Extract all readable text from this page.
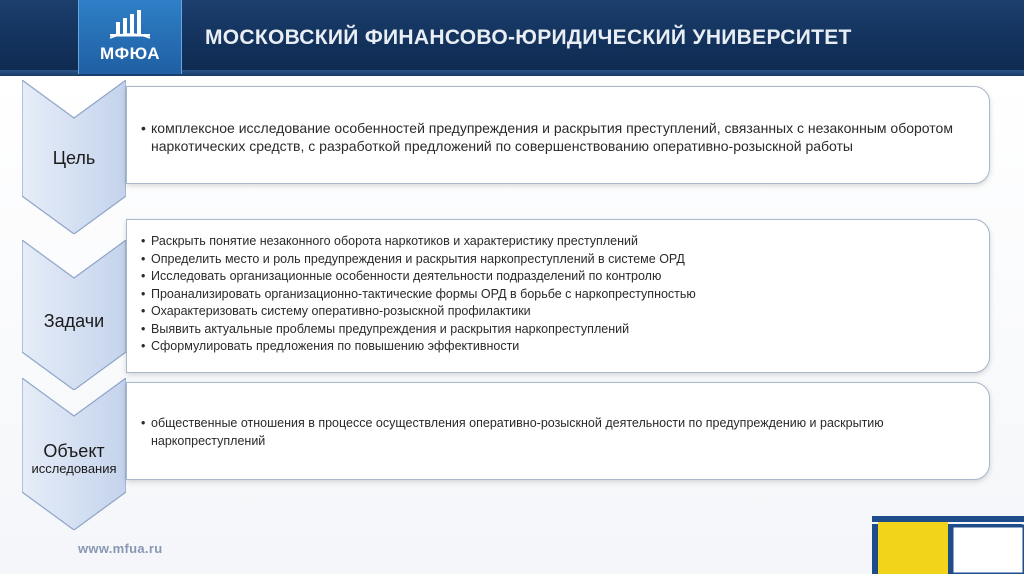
МФЮА
МОСКОВСКИЙ ФИНАНСОВО-ЮРИДИЧЕСКИЙ УНИВЕРСИТЕТ
Цель
Задачи
Объект
исследования
• комплексное исследование особенностей предупреждения и раскрытия преступлений, связанных с незаконным оборотом наркотических средств, с разработкой предложений по совершенствованию оперативно-розыскной работы
• Раскрыть понятие незаконного оборота наркотиков и характеристику преступлений
• Определить место и роль предупреждения и раскрытия наркопреступлений в системе ОРД
• Исследовать организационные особенности деятельности подразделений по контролю
• Проанализировать организационно-тактические формы ОРД в борьбе с наркопреступностью
• Охарактеризовать систему оперативно-розыскной профилактики
• Выявить актуальные проблемы предупреждения и раскрытия наркопреступлений
• Сформулировать предложения по повышению эффективности
• общественные отношения в процессе осуществления оперативно-розыскной деятельности по предупреждению и раскрытию наркопреступлений
www.mfua.ru
